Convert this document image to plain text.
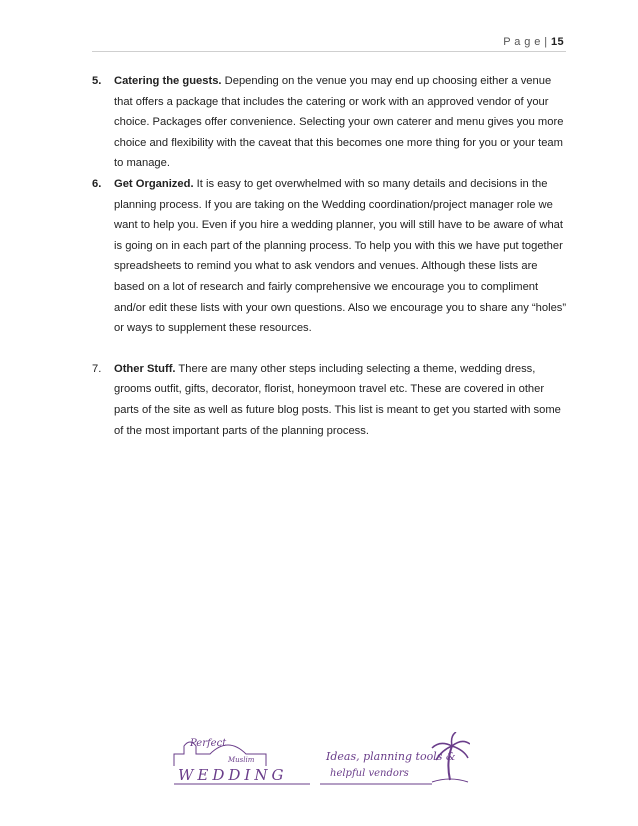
P a g e | 15
5. Catering the guests. Depending on the venue you may end up choosing either a venue that offers a package that includes the catering or work with an approved vendor of your choice. Packages offer convenience. Selecting your own caterer and menu gives you more choice and flexibility with the caveat that this becomes one more thing for you or your team to manage.
6. Get Organized. It is easy to get overwhelmed with so many details and decisions in the planning process. If you are taking on the Wedding coordination/project manager role we want to help you. Even if you hire a wedding planner, you will still have to be aware of what is going on in each part of the planning process. To help you with this we have put together spreadsheets to remind you what to ask vendors and venues. Although these lists are based on a lot of research and fairly comprehensive we encourage you to compliment and/or edit these lists with your own questions. Also we encourage you to share any “holes” or ways to supplement these resources.
7. Other Stuff. There are many other steps including selecting a theme, wedding dress, grooms outfit, gifts, decorator, florist, honeymoon travel etc. These are covered in other parts of the site as well as future blog posts. This list is meant to get you started with some of the most important parts of the planning process.
Perfect
Muslim
WEDDING
Ideas, planning tools &
helpful vendors
